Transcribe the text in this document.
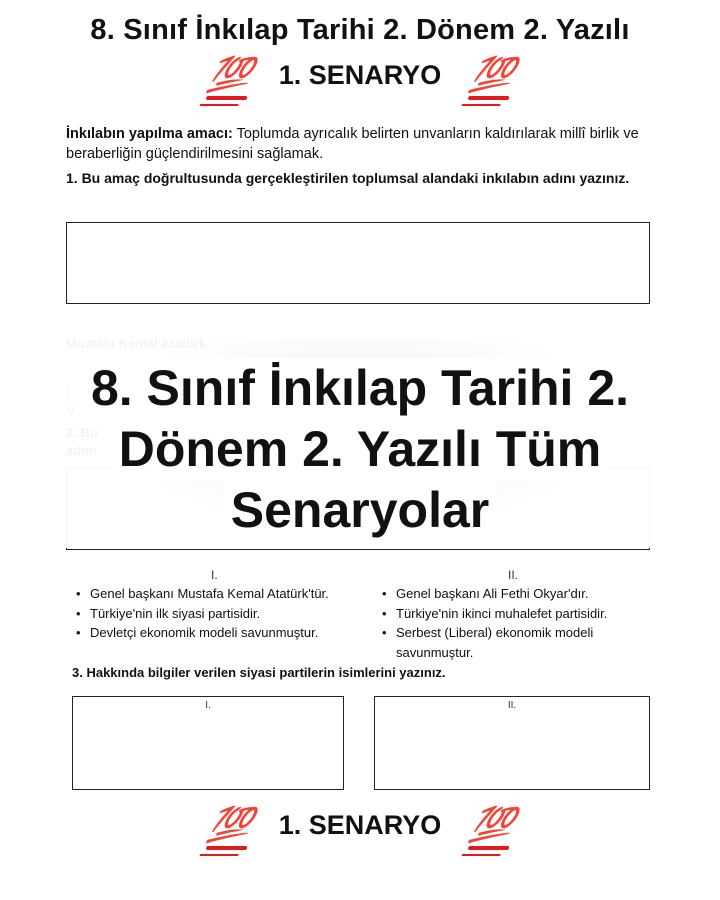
8. Sınıf İnkılap Tarihi 2. Dönem 2. Yazılı
💯 1. SENARYO 💯
İnkılabın yapılma amacı: Toplumda ayrıcalık belirten unvanların kaldırılarak millî birlik ve beraberliğin güçlendirilmesini sağlamak.
1. Bu amaç doğrultusunda gerçekleştirilen toplumsal alandaki inkılabın adını yazınız.
8. Sınıf İnkılap Tarihi 2.
Dönem 2. Yazılı Tüm
Senaryolar
I.	II.
• Genel başkanı Mustafa Kemal Atatürk'tür.
• Türkiye'nin ilk siyasi partisidir.
• Devletçi ekonomik modeli savunmuştur.
• Genel başkanı Ali Fethi Okyar'dır.
• Türkiye'nin ikinci muhalefet partisidir.
• Serbest (Liberal) ekonomik modeli savunmuştur.
3. Hakkında bilgiler verilen siyasi partilerin isimlerini yazınız.
I.	II.
💯 1. SENARYO 💯
